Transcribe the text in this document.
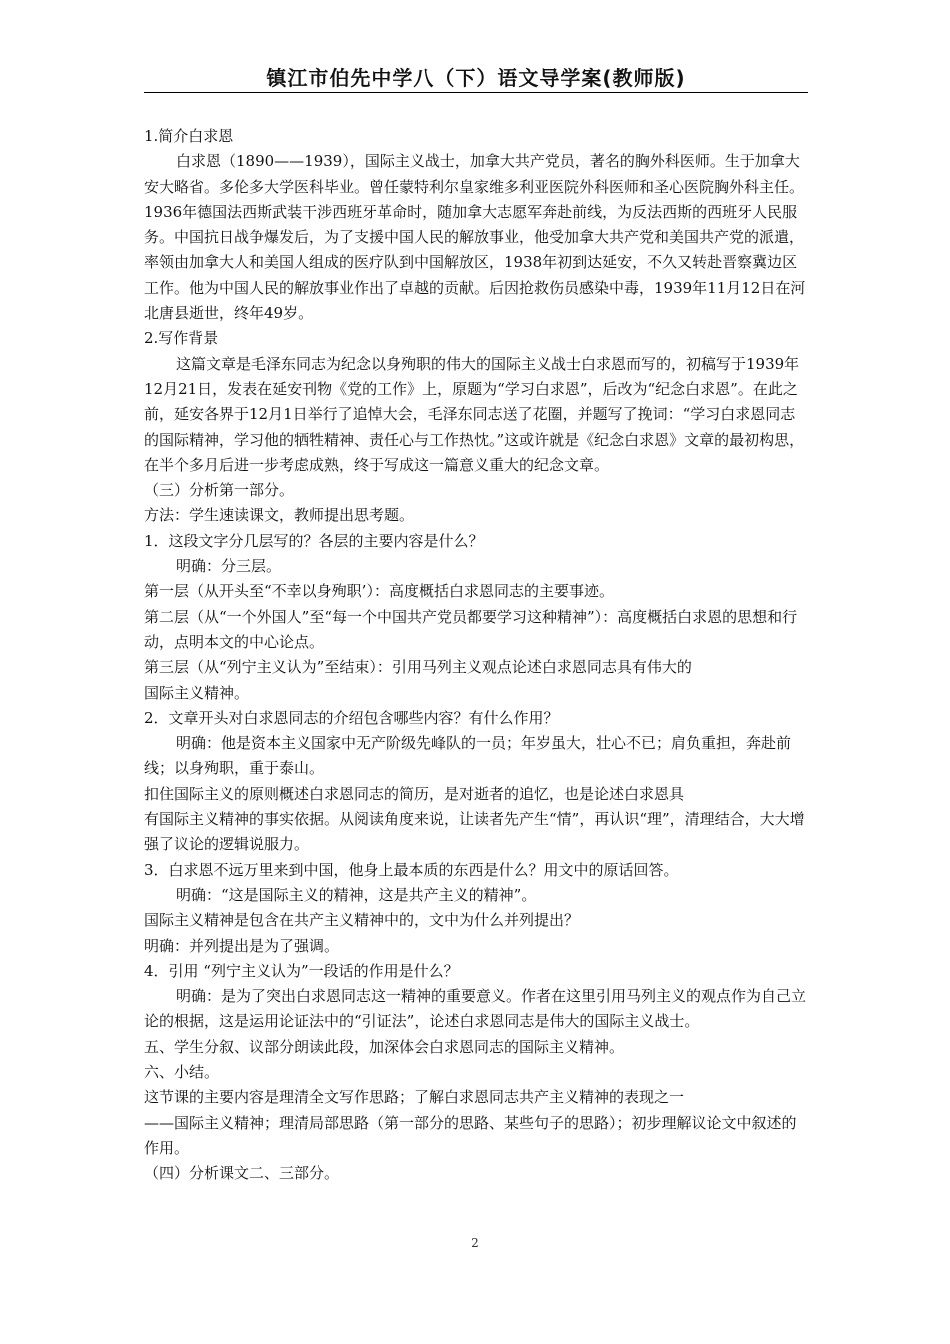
镇江市伯先中学八（下）语文导学案(教师版)

1.简介白求恩

白求恩（1890——1939），国际主义战士，加拿大共产党员，著名的胸外科医师。生于加拿大安大略省。多伦多大学医科毕业。曾任蒙特利尔皇家维多利亚医院外科医师和圣心医院胸外科主任。1936年德国法西斯武装干涉西班牙革命时，随加拿大志愿军奔赴前线，为反法西斯的西班牙人民服务。中国抗日战争爆发后，为了支援中国人民的解放事业，他受加拿大共产党和美国共产党的派遣，率领由加拿大人和美国人组成的医疗队到中国解放区，1938年初到达延安，不久又转赴晋察冀边区工作。他为中国人民的解放事业作出了卓越的贡献。后因抢救伤员感染中毒，1939年11月12日在河北唐县逝世，终年49岁。

2.写作背景

这篇文章是毛泽东同志为纪念以身殉职的伟大的国际主义战士白求恩而写的，初稿写于1939年12月21日，发表在延安刊物《党的工作》上，原题为“学习白求恩”，后改为“纪念白求恩”。在此之前，延安各界于12月1日举行了追悼大会，毛泽东同志送了花圈，并题写了挽词：“学习白求恩同志的国际精神，学习他的牺牲精神、责任心与工作热忱。”这或许就是《纪念白求恩》文章的最初构思，在半个多月后进一步考虑成熟，终于写成这一篇意义重大的纪念文章。

（三）分析第一部分。

方法：学生速读课文，教师提出思考题。

1．这段文字分几层写的？各层的主要内容是什么？

明确：分三层。

第一层（从开头至“不幸以身殉职’）：高度概括白求恩同志的主要事迹。

第二层（从“一个外国人”至“每一个中国共产党员都要学习这种精神”）：高度概括白求恩的思想和行动，点明本文的中心论点。

第三层（从“列宁主义认为”至结束）：引用马列主义观点论述白求恩同志具有伟大的

国际主义精神。

2．文章开头对白求恩同志的介绍包含哪些内容？有什么作用？

明确：他是资本主义国家中无产阶级先峰队的一员；年岁虽大，壮心不已；肩负重担，奔赴前线；以身殉职，重于泰山。

扣住国际主义的原则概述白求恩同志的简历，是对逝者的追忆，也是论述白求恩具

有国际主义精神的事实依据。从阅读角度来说，让读者先产生“情”，再认识“理”，清理结合，大大增强了议论的逻辑说服力。

3．白求恩不远万里来到中国，他身上最本质的东西是什么？用文中的原话回答。

明确：“这是国际主义的精神，这是共产主义的精神”。

国际主义精神是包含在共产主义精神中的，文中为什么并列提出？

明确：并列提出是为了强调。

4．引用 “列宁主义认为”一段话的作用是什么？

明确：是为了突出白求恩同志这一精神的重要意义。作者在这里引用马列主义的观点作为自己立论的根据，这是运用论证法中的“引证法”，论述白求恩同志是伟大的国际主义战士。

五、学生分叙、议部分朗读此段，加深体会白求恩同志的国际主义精神。

六、小结。

这节课的主要内容是理清全文写作思路；了解白求恩同志共产主义精神的表现之一

——国际主义精神；理清局部思路（第一部分的思路、某些句子的思路）；初步理解议论文中叙述的作用。

（四）分析课文二、三部分。

2
